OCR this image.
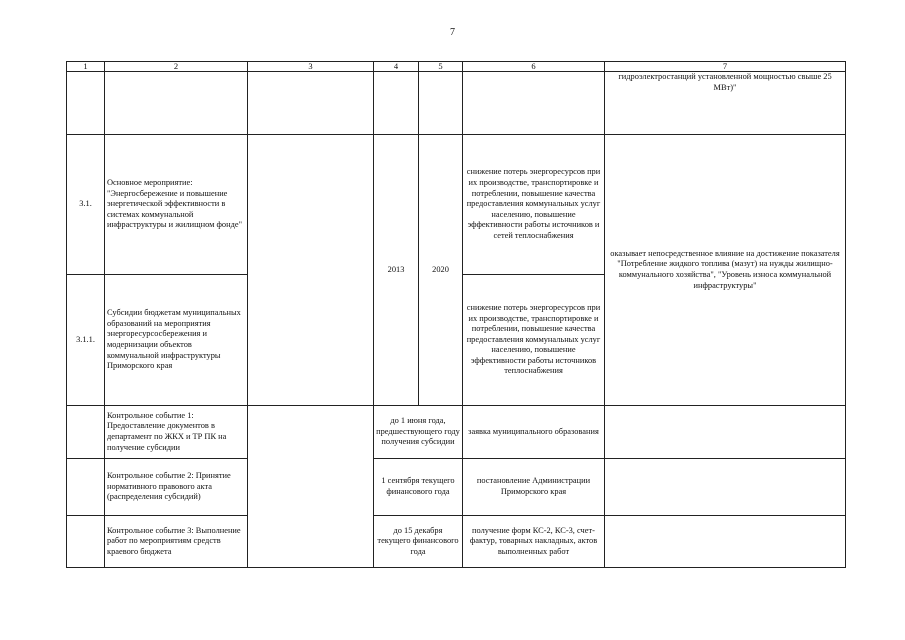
7
1	2	3	4	5	6	7
						гидроэлектростанций установленной мощностью свыше 25 МВт)"
3.1.	Основное мероприятие: "Энергосбережение и повышение энергетической эффективности в системах коммунальной инфраструктуры и жилищном фонде"		2013	2020	снижение потерь энергоресурсов при их производстве, транспортировке и потреблении, повышение качества предоставления коммунальных услуг населению, повышение эффективности работы источников и сетей теплоснабжения	оказывает непосредственное влияние на достижение показателя "Потребление жидкого топлива (мазут) на нужды жилищно-коммунального хозяйства", "Уровень износа коммунальной инфраструктуры"
3.1.1.	Субсидии бюджетам муниципальных образований на мероприятия энергоресурсосбережения и модернизации объектов коммунальной инфраструктуры Приморского края				снижение потерь энергоресурсов при их производстве, транспортировке и потреблении, повышение качества предоставления коммунальных услуг населению, повышение эффективности работы источников теплоснабжения	
	Контрольное событие 1: Предоставление документов в департамент по ЖКХ и ТР ПК на получение субсидии		до 1 июня года, предшествующего году получения субсидии		заявка муниципального образования	
	Контрольное событие 2: Принятие нормативного правового акта (распределения субсидий)		1 сентября текущего финансового года		постановление Администрации Приморского края	
	Контрольное событие 3: Выполнение работ по мероприятиям средств краевого бюджета		до 15 декабря текущего финансового года		получение форм КС-2, КС-3, счет-фактур, товарных накладных, актов выполненных работ	
